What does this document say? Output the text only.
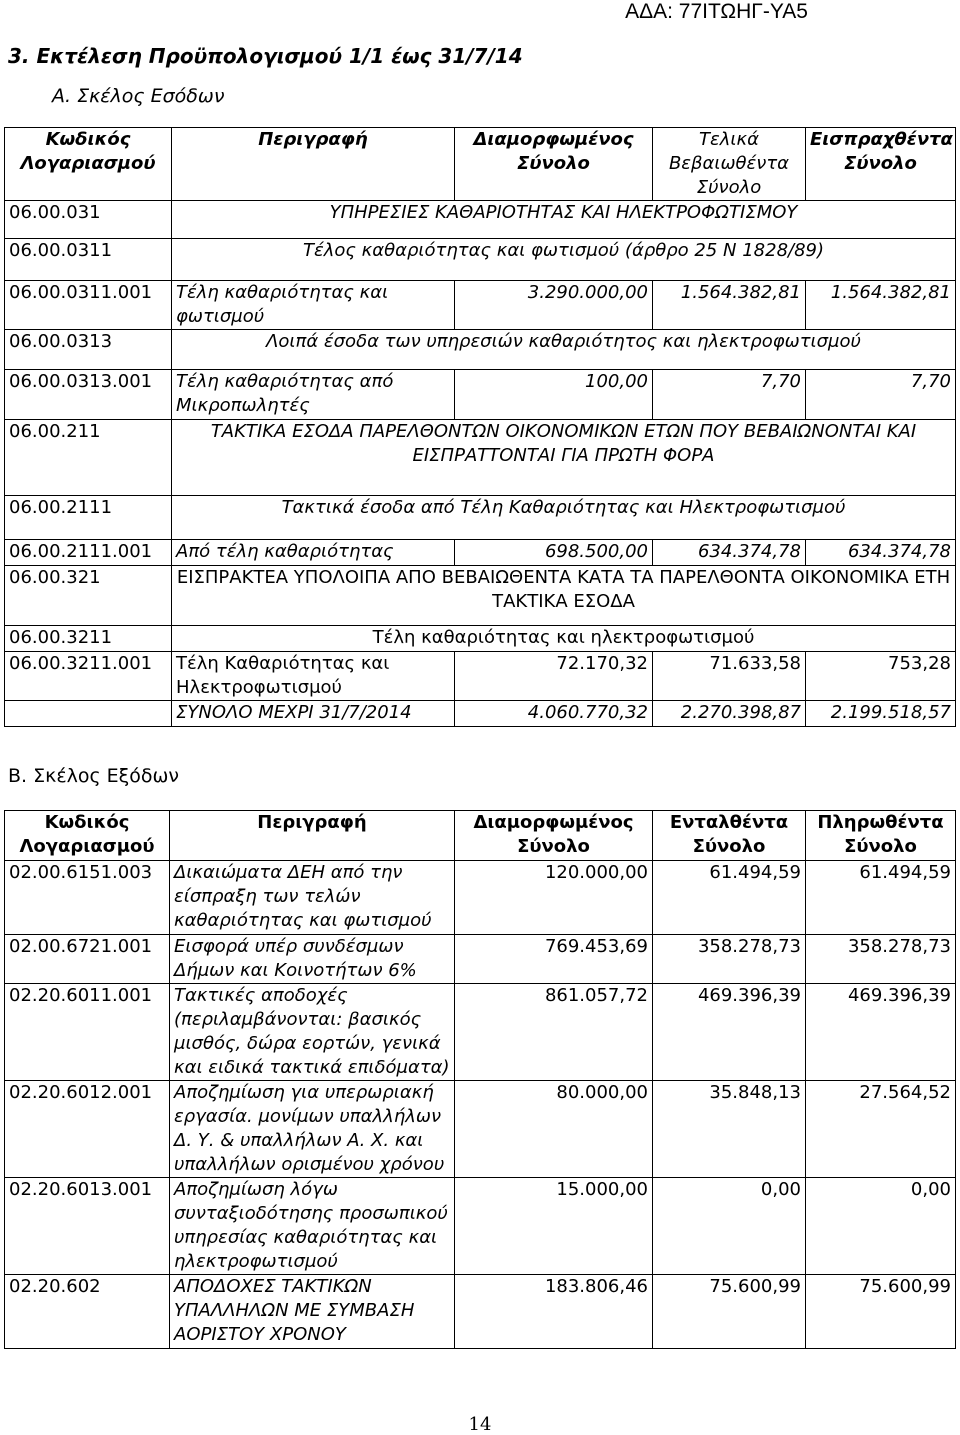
ΑΔΑ: 77ΙΤΩΗΓ-ΥΑ5
3. Εκτέλεση Προϋπολογισμού 1/1 έως 31/7/14
Α. Σκέλος Εσόδων
Κωδικός Λογαριασμού	Περιγραφή	Διαμορφωμένος Σύνολο	Τελικά Βεβαιωθέντα Σύνολο	Εισπραχθέντα Σύνολο
06.00.031	ΥΠΗΡΕΣΙΕΣ ΚΑΘΑΡΙΟΤΗΤΑΣ ΚΑΙ ΗΛΕΚΤΡΟΦΩΤΙΣΜΟΥ			
06.00.0311	Τέλος καθαριότητας και φωτισμού (άρθρο 25 Ν 1828/89)			
06.00.0311.001	Τέλη καθαριότητας και φωτισμού	3.290.000,00	1.564.382,81	1.564.382,81
06.00.0313	Λοιπά έσοδα των υπηρεσιών καθαριότητος και ηλεκτροφωτισμού			
06.00.0313.001	Τέλη καθαριότητας από Μικροπωλητές	100,00	7,70	7,70
06.00.211	ΤΑΚΤΙΚΑ ΕΣΟΔΑ ΠΑΡΕΛΘΟΝΤΩΝ ΟΙΚΟΝΟΜΙΚΩΝ ΕΤΩΝ ΠΟΥ ΒΕΒΑΙΩΝΟΝΤΑΙ ΚΑΙ ΕΙΣΠΡΑΤΤΟΝΤΑΙ ΓΙΑ ΠΡΩΤΗ ΦΟΡΑ			
06.00.2111	Τακτικά έσοδα από Τέλη Καθαριότητας και Ηλεκτροφωτισμού			
06.00.2111.001	Από τέλη καθαριότητας	698.500,00	634.374,78	634.374,78
06.00.321	ΕΙΣΠΡΑΚΤΕΑ ΥΠΟΛΟΙΠΑ ΑΠΟ ΒΕΒΑΙΩΘΕΝΤΑ ΚΑΤΑ ΤΑ ΠΑΡΕΛΘΟΝΤΑ ΟΙΚΟΝΟΜΙΚΑ ΕΤΗ ΤΑΚΤΙΚΑ ΕΣΟΔΑ			
06.00.3211	Τέλη καθαριότητας και ηλεκτροφωτισμού			
06.00.3211.001	Τέλη Καθαριότητας και Ηλεκτροφωτισμού	72.170,32	71.633,58	753,28
	ΣΥΝΟΛΟ ΜΕΧΡΙ 31/7/2014	4.060.770,32	2.270.398,87	2.199.518,57
Β. Σκέλος Εξόδων
Κωδικός Λογαριασμού	Περιγραφή	Διαμορφωμένος Σύνολο	Ενταλθέντα Σύνολο	Πληρωθέντα Σύνολο
02.00.6151.003	Δικαιώματα ΔΕΗ από την είσπραξη των τελών καθαριότητας και φωτισμού	120.000,00	61.494,59	61.494,59
02.00.6721.001	Εισφορά υπέρ συνδέσμων Δήμων και Κοινοτήτων 6%	769.453,69	358.278,73	358.278,73
02.20.6011.001	Τακτικές αποδοχές (περιλαμβάνονται: βασικός μισθός, δώρα εορτών, γενικά και ειδικά τακτικά επιδόματα)	861.057,72	469.396,39	469.396,39
02.20.6012.001	Αποζημίωση για υπερωριακή εργασία. μονίμων υπαλλήλων Δ. Υ. & υπαλλήλων Α. Χ. και υπαλλήλων ορισμένου χρόνου	80.000,00	35.848,13	27.564,52
02.20.6013.001	Αποζημίωση λόγω συνταξιοδότησης προσωπικού υπηρεσίας καθαριότητας και ηλεκτροφωτισμού	15.000,00	0,00	0,00
02.20.602	ΑΠΟΔΟΧΕΣ ΤΑΚΤΙΚΩΝ ΥΠΑΛΛΗΛΩΝ ΜΕ ΣΥΜΒΑΣΗ ΑΟΡΙΣΤΟΥ ΧΡΟΝΟΥ	183.806,46	75.600,99	75.600,99
14
